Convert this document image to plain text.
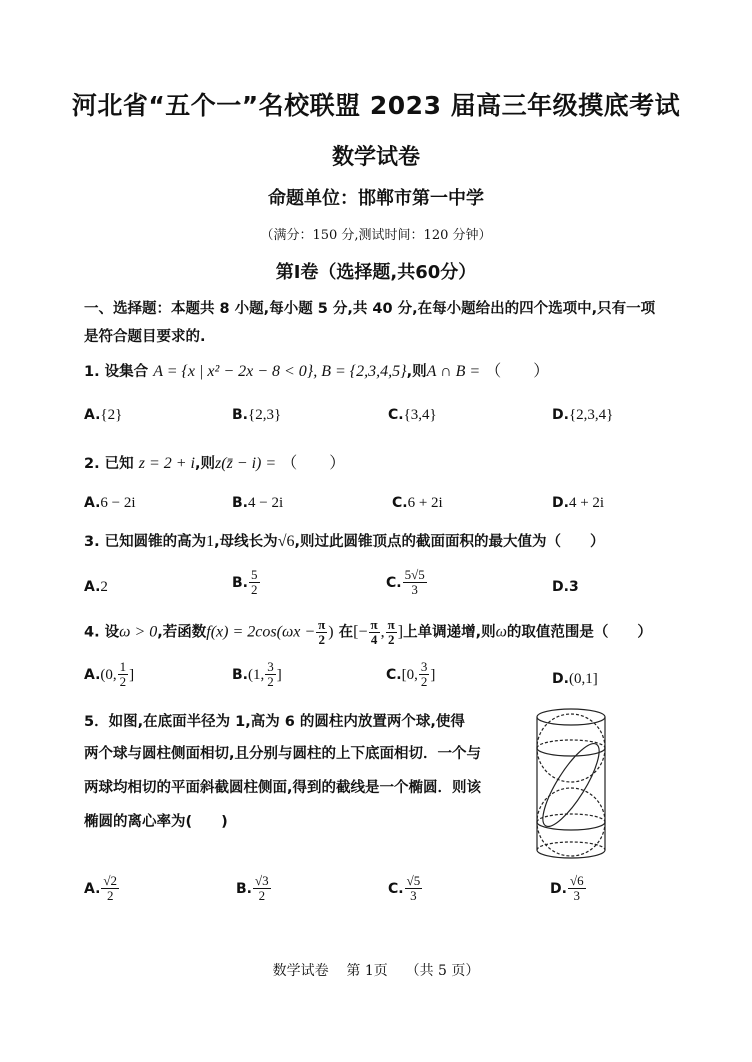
河北省“五个一”名校联盟 2023 届高三年级摸底考试
数学试卷
命题单位：邯郸市第一中学
（满分：150 分,测试时间：120 分钟）
第Ⅰ卷（选择题,共60分）
一、选择题：本题共 8 小题,每小题 5 分,共 40 分,在每小题给出的四个选项中,只有一项
是符合题目要求的.
1. 设集合 A = {x | x² − 2x − 8 < 0}, B = {2,3,4,5},则A ∩ B = （　　）
A.{2}	B.{2,3}	C.{3,4}	D.{2,3,4}
2. 已知 z = 2 + i,则z(z̄ − i) = （　　）
A.6 − 2i	B.4 − 2i	C.6 + 2i	D.4 + 2i
3. 已知圆锥的高为1,母线长为√6,则过此圆锥顶点的截面面积的最大值为（　　）
A.2	B. $\frac{5}{2}$	C. $\frac{5√5}{3}$	D.3
4. 设ω > 0,若函数$f(x) = 2\cos(\omega x - \frac{\pi}{2}$ ) 在[− $\frac{\pi}{4}$ , $\frac{\pi}{2}$ ]上单调递增,则ω的取值范围是（　　）
A.(0, $\frac{1}{2}$ ]	B.(1, $\frac{3}{2}$ ]	C.[0, $\frac{3}{2}$ ]	D.(0,1]
5．如图,在底面半径为 1,高为 6 的圆柱内放置两个球,使得
两个球与圆柱侧面相切,且分别与圆柱的上下底面相切．一个与
两球均相切的平面斜截圆柱侧面,得到的截线是一个椭圆．则该
椭圆的离心率为(　　)
A. $\frac{√2}{2}$	B. $\frac{√3}{2}$	C. $\frac{√5}{3}$	D. $\frac{√6}{3}$
数学试卷 第 1页 （共 5 页）
